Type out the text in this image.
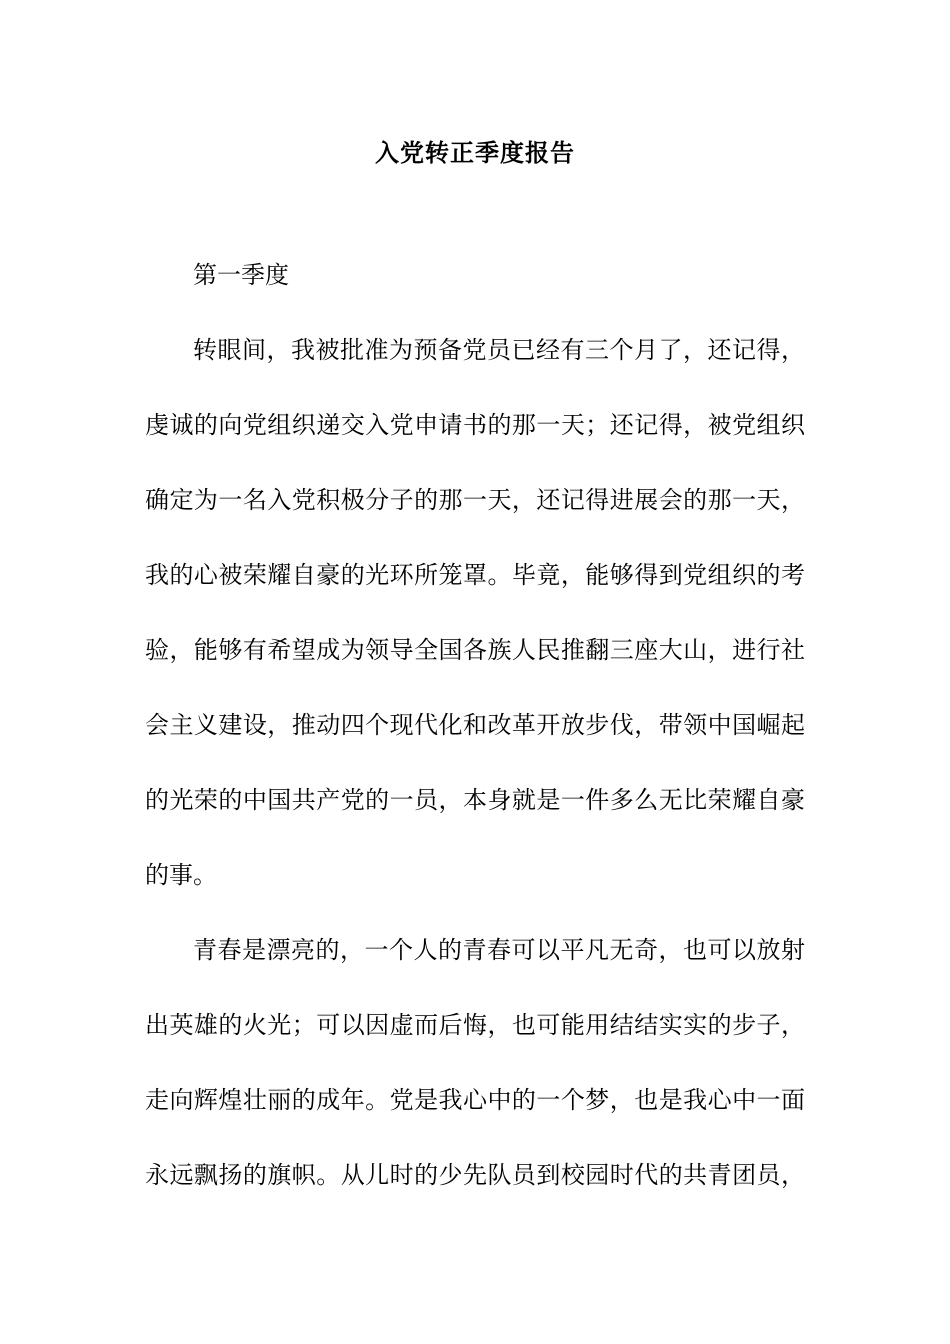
入党转正季度报告
第一季度
转眼间，我被批准为预备党员已经有三个月了，还记得，
虔诚的向党组织递交入党申请书的那一天；还记得，被党组织
确定为一名入党积极分子的那一天，还记得进展会的那一天，
我的心被荣耀自豪的光环所笼罩。毕竟，能够得到党组织的考
验，能够有希望成为领导全国各族人民推翻三座大山，进行社
会主义建设，推动四个现代化和改革开放步伐，带领中国崛起
的光荣的中国共产党的一员，本身就是一件多么无比荣耀自豪
的事。
青春是漂亮的，一个人的青春可以平凡无奇，也可以放射
出英雄的火光；可以因虚而后悔，也可能用结结实实的步子，
走向辉煌壮丽的成年。党是我心中的一个梦，也是我心中一面
永远飘扬的旗帜。从儿时的少先队员到校园时代的共青团员，
